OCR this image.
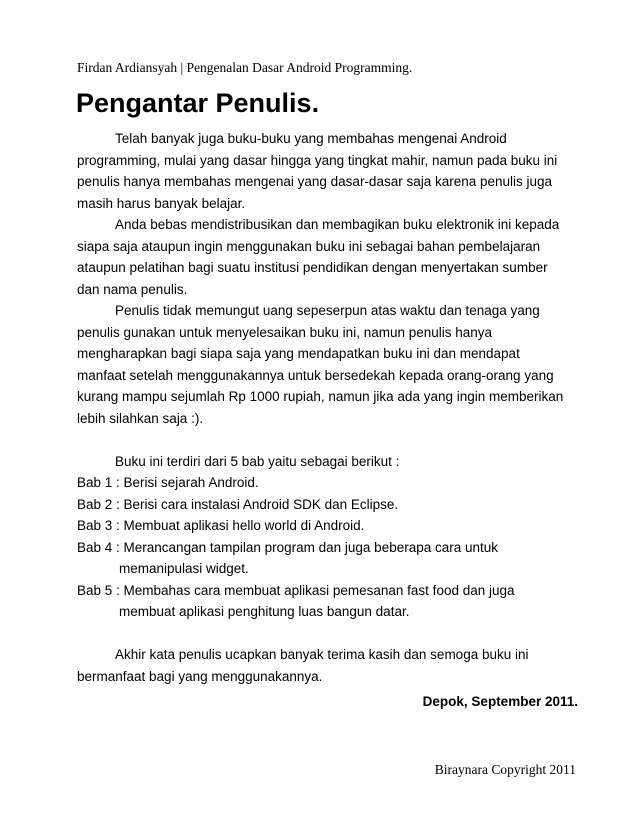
Firdan Ardiansyah | Pengenalan Dasar Android Programming.
Pengantar Penulis.

Telah banyak juga buku-buku yang membahas mengenai Android programming, mulai yang dasar hingga yang tingkat mahir, namun pada buku ini penulis hanya membahas mengenai yang dasar-dasar saja karena penulis juga masih harus banyak belajar.

Anda bebas mendistribusikan dan membagikan buku elektronik ini kepada siapa saja ataupun ingin menggunakan buku ini sebagai bahan pembelajaran ataupun pelatihan bagi suatu institusi pendidikan dengan menyertakan sumber dan nama penulis.

Penulis tidak memungut uang sepeserpun atas waktu dan tenaga yang penulis gunakan untuk menyelesaikan buku ini, namun penulis hanya mengharapkan bagi siapa saja yang mendapatkan buku ini dan mendapat manfaat setelah menggunakannya untuk bersedekah kepada orang-orang yang kurang mampu sejumlah Rp 1000 rupiah, namun jika ada yang ingin memberikan lebih silahkan saja :).

Buku ini terdiri dari 5 bab yaitu sebagai berikut :

Bab 1 : Berisi sejarah Android.

Bab 2 : Berisi cara instalasi Android SDK dan Eclipse.

Bab 3 : Membuat aplikasi hello world di Android.

Bab 4 : Merancangan tampilan program dan juga beberapa cara untuk memanipulasi widget.

Bab 5 : Membahas cara membuat aplikasi pemesanan fast food dan juga membuat aplikasi penghitung luas bangun datar.

Akhir kata penulis ucapkan banyak terima kasih dan semoga buku ini bermanfaat bagi yang menggunakannya.

Depok, September 2011.
Biraynara Copyright 2011
